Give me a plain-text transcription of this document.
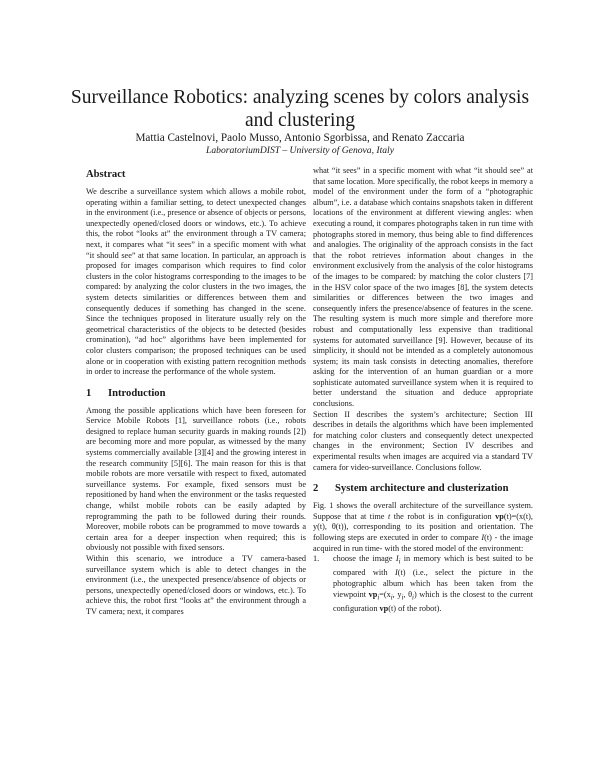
Surveillance Robotics: analyzing scenes by colors analysis and clustering
Mattia Castelnovi, Paolo Musso, Antonio Sgorbissa, and Renato Zaccaria
LaboratoriumDIST – University of Genova, Italy
Abstract

We describe a surveillance system which allows a mobile robot, operating within a familiar setting, to detect unexpected changes in the environment (i.e., presence or absence of objects or persons, unexpectedly opened/closed doors or windows, etc.). To achieve this, the robot “looks at” the environment through a TV camera; next, it compares what “it sees” in a specific moment with what “it should see” at that same location. In particular, an approach is proposed for images comparison which requires to find color clusters in the color histograms corresponding to the images to be compared: by analyzing the color clusters in the two images, the system detects similarities or differences between them and consequently deduces if something has changed in the scene. Since the techniques proposed in literature usually rely on the geometrical characteristics of the objects to be detected (besides cromination), “ad hoc” algorithms have been implemented for color clusters comparison; the proposed techniques can be used alone or in cooperation with existing pattern recognition methods in order to increase the performance of the whole system.

1 Introduction

Among the possible applications which have been foreseen for Service Mobile Robots [1], surveillance robots (i.e., robots designed to replace human security guards in making rounds [2]) are becoming more and more popular, as witnessed by the many systems commercially available [3][4] and the growing interest in the research community [5][6]. The main reason for this is that mobile robots are more versatile with respect to fixed, automated surveillance systems. For example, fixed sensors must be repositioned by hand when the environment or the tasks requested change, whilst mobile robots can be easily adapted by reprogramming the path to be followed during their rounds. Moreover, mobile robots can be programmed to move towards a certain area for a deeper inspection when required; this is obviously not possible with fixed sensors.

Within this scenario, we introduce a TV camera-based surveillance system which is able to detect changes in the environment (i.e., the unexpected presence/absence of objects or persons, unexpectedly opened/closed doors or windows, etc.). To achieve this, the robot first “looks at” the environment through a TV camera; next, it compares

what “it sees” in a specific moment with what “it should see” at that same location. More specifically, the robot keeps in memory a model of the environment under the form of a “photographic album”, i.e. a database which contains snapshots taken in different locations of the environment at different viewing angles: when executing a round, it compares photographs taken in run time with photographs stored in memory, thus being able to find differences and analogies. The originality of the approach consists in the fact that the robot retrieves information about changes in the environment exclusively from the analysis of the color histograms of the images to be compared: by matching the color clusters [7] in the HSV color space of the two images [8], the system detects similarities or differences between the two images and consequently infers the presence/absence of features in the scene. The resulting system is much more simple and therefore more robust and computationally less expensive than traditional systems for automated surveillance [9]. However, because of its simplicity, it should not be intended as a completely autonomous system; its main task consists in detecting anomalies, therefore asking for the intervention of an human guardian or a more sophisticate automated surveillance system when it is required to better understand the situation and deduce appropriate conclusions.

Section II describes the system’s architecture; Section III describes in details the algorithms which have been implemented for matching color clusters and consequently detect unexpected changes in the environment; Section IV describes and experimental results when images are acquired via a standard TV camera for video-surveillance. Conclusions follow.

2 System architecture and clusterization

Fig. 1 shows the overall architecture of the surveillance system. Suppose that at time t the robot is in configuration vp(t)=(x(t), y(t), θ(t)), corresponding to its position and orientation. The following steps are executed in order to compare I(t) - the image acquired in run time- with the stored model of the environment:

1. choose the image $I_i$ in memory which is best suited to be compared with I(t) (i.e., select the picture in the photographic album which has been taken from the viewpoint $vp_i=(x_i$, $y_i$, $\theta_i$) which is the closest to the current configuration vp(t) of the robot).
